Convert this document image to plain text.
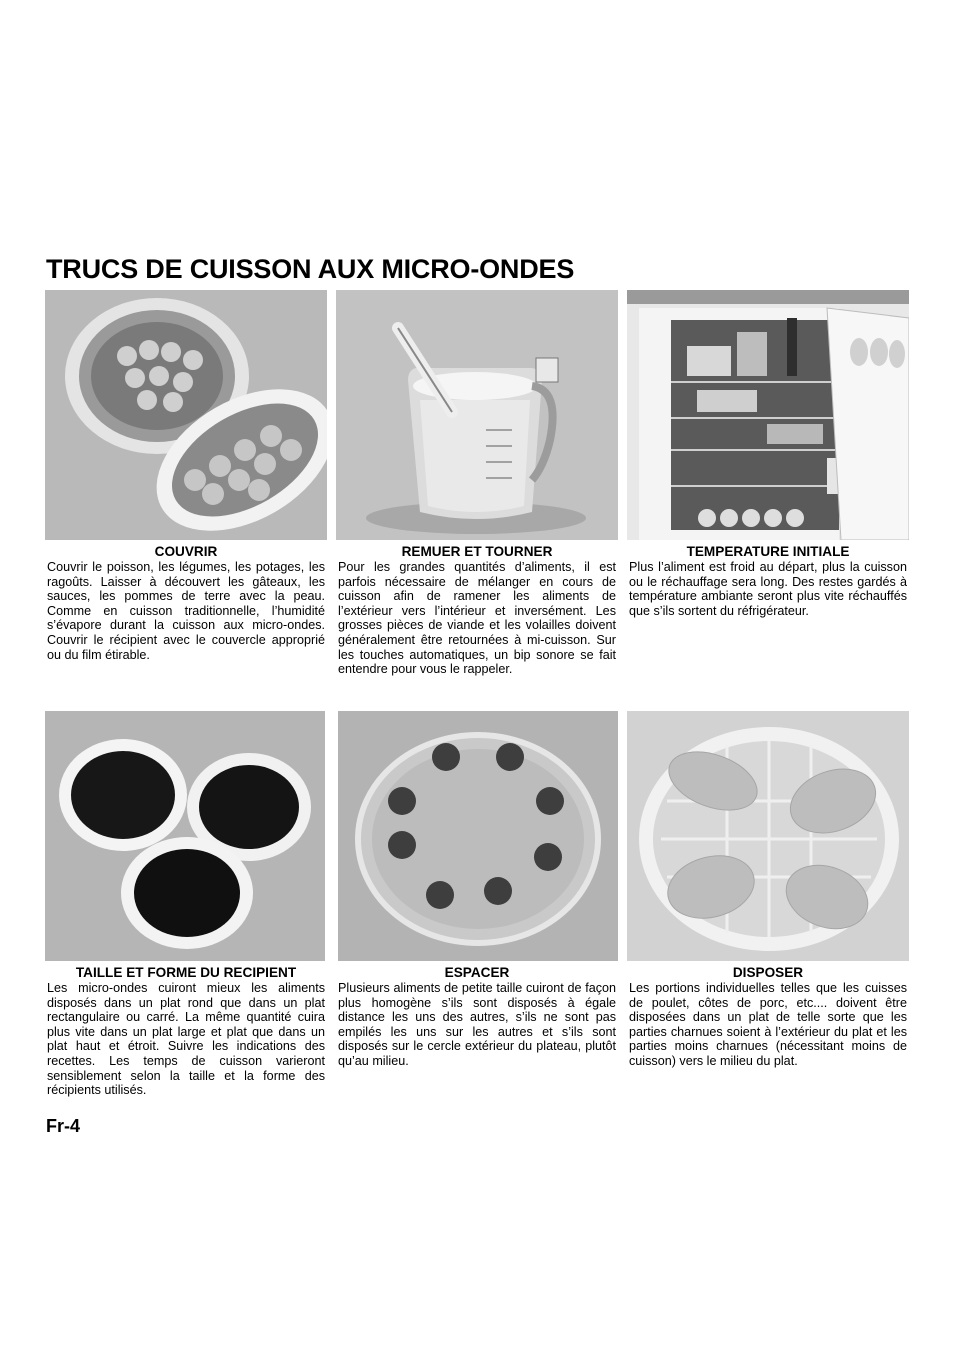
TRUCS DE CUISSON AUX MICRO-ONDES
COUVRIR

Couvrir le poisson, les légumes, les potages, les ragoûts. Laisser à découvert les gâteaux, les sauces, les pommes de terre avec la peau. Comme en cuisson traditionnelle, l’humidité s’évapore durant la cuisson aux micro-ondes. Couvrir le récipient avec le couvercle approprié ou du film étirable.

REMUER ET TOURNER

Pour les grandes quantités d’aliments, il est parfois nécessaire de mélanger en cours de cuisson afin de ramener les aliments de l’extérieur vers l’intérieur et inversément. Les grosses pièces de viande et les volailles doivent généralement être retournées à mi-cuisson. Sur les touches automatiques, un bip sonore se fait entendre pour vous le rappeler.

TEMPERATURE INITIALE

Plus l’aliment est froid au départ, plus la cuisson ou le réchauffage sera long. Des restes gardés à température ambiante seront plus vite réchauffés que s’ils sortent du réfrigérateur.

TAILLE ET FORME DU RECIPIENT

Les micro-ondes cuiront mieux les aliments disposés dans un plat rond que dans un plat rectangulaire ou carré. La même quantité cuira plus vite dans un plat large et plat que dans un plat haut et étroit. Suivre les indications des recettes. Les temps de cuisson varieront sensiblement selon la taille et la forme des récipients utilisés.

ESPACER

Plusieurs aliments de petite taille cuiront de façon plus homogène s’ils sont disposés à égale distance les uns des autres, s’ils ne sont pas empilés les uns sur les autres et s’ils sont disposés sur le cercle extérieur du plateau, plutôt qu’au milieu.

DISPOSER

Les portions individuelles telles que les cuisses de poulet, côtes de porc, etc.... doivent être disposées dans un plat de telle sorte que les parties charnues soient à l’extérieur du plat et les parties moins charnues (nécessitant moins de cuisson) vers le milieu du plat.

Fr-4
